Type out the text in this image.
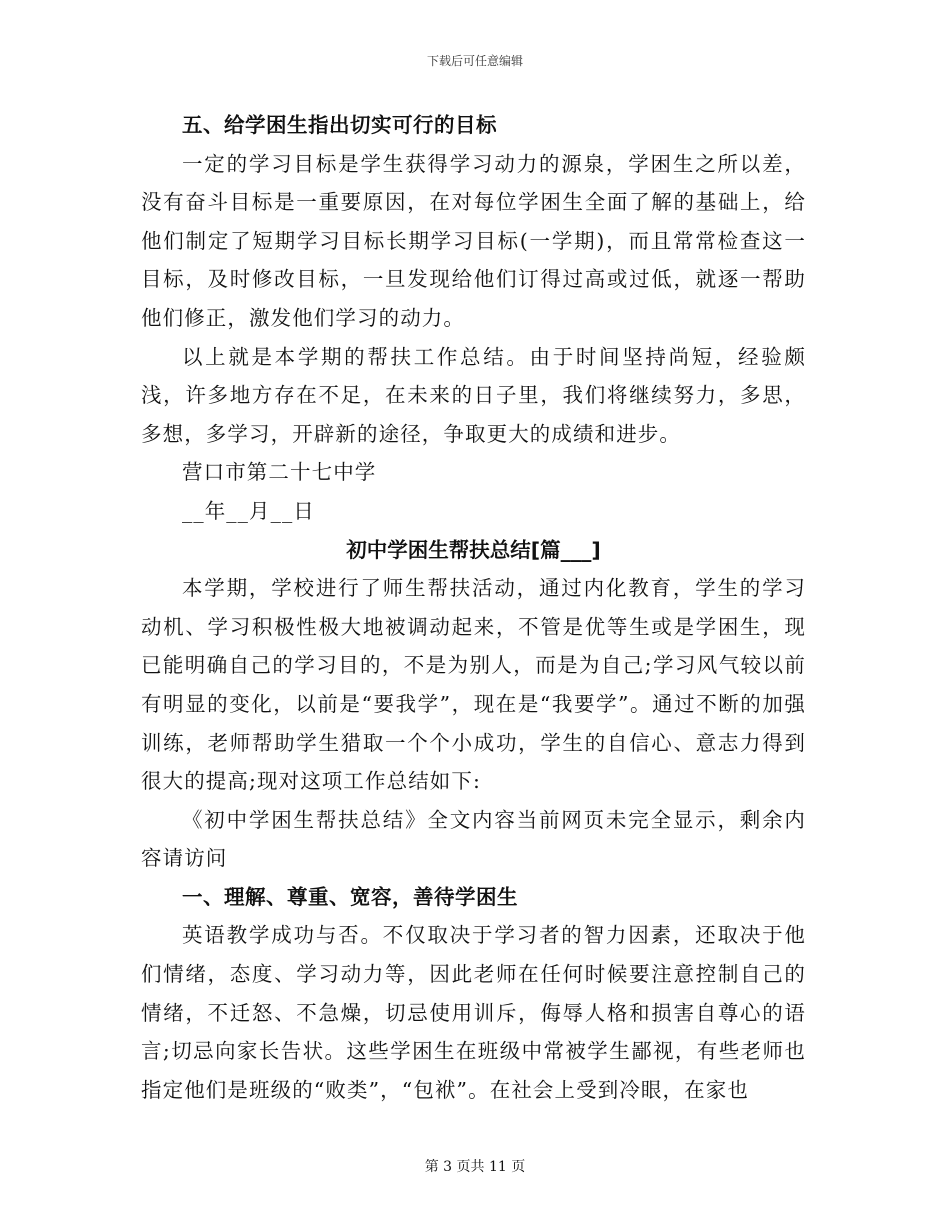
下载后可任意编辑

五、给学困生指出切实可行的目标

一定的学习目标是学生获得学习动力的源泉，学困生之所以差，没有奋斗目标是一重要原因，在对每位学困生全面了解的基础上，给他们制定了短期学习目标长期学习目标(一学期)，而且常常检查这一目标，及时修改目标，一旦发现给他们订得过高或过低，就逐一帮助他们修正，激发他们学习的动力。

以上就是本学期的帮扶工作总结。由于时间坚持尚短，经验颇浅，许多地方存在不足，在未来的日子里，我们将继续努力，多思，多想，多学习，开辟新的途径，争取更大的成绩和进步。

营口市第二十七中学

__年__月__日

初中学困生帮扶总结[篇___]

本学期，学校进行了师生帮扶活动，通过内化教育，学生的学习动机、学习积极性极大地被调动起来，不管是优等生或是学困生，现已能明确自己的学习目的，不是为别人，而是为自己;学习风气较以前有明显的变化，以前是“要我学”，现在是“我要学”。通过不断的加强训练，老师帮助学生猎取一个个小成功，学生的自信心、意志力得到很大的提高;现对这项工作总结如下:

《初中学困生帮扶总结》全文内容当前网页未完全显示，剩余内容请访问

一、理解、尊重、宽容，善待学困生

英语教学成功与否。不仅取决于学习者的智力因素，还取决于他们情绪，态度、学习动力等，因此老师在任何时候要注意控制自己的情绪，不迁怒、不急燥，切忌使用训斥，侮辱人格和损害自尊心的语言;切忌向家长告状。这些学困生在班级中常被学生鄙视，有些老师也指定他们是班级的“败类”，“包袱”。在社会上受到冷眼，在家也

第 3 页共 11 页
